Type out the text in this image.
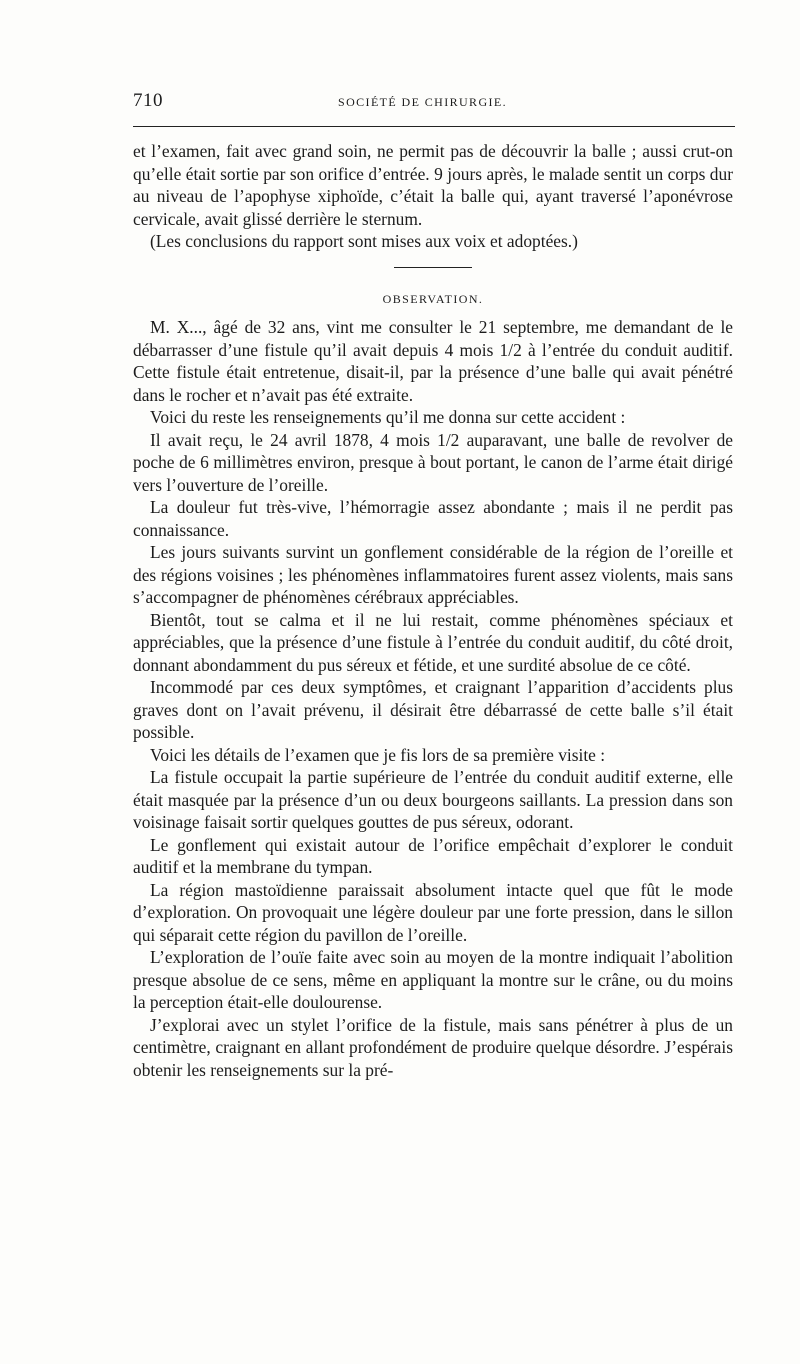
710	SOCIÉTÉ DE CHIRURGIE.

et l’examen, fait avec grand soin, ne permit pas de découvrir la balle ; aussi crut-on qu’elle était sortie par son orifice d’entrée. 9 jours après, le malade sentit un corps dur au niveau de l’apophyse xiphoïde, c’était la balle qui, ayant traversé l’aponévrose cervicale, avait glissé derrière le sternum.

(Les conclusions du rapport sont mises aux voix et adoptées.)

OBSERVATION.

M. X..., âgé de 32 ans, vint me consulter le 21 septembre, me demandant de le débarrasser d’une fistule qu’il avait depuis 4 mois 1/2 à l’entrée du conduit auditif. Cette fistule était entretenue, disait-il, par la présence d’une balle qui avait pénétré dans le rocher et n’avait pas été extraite.

Voici du reste les renseignements qu’il me donna sur cette accident :

Il avait reçu, le 24 avril 1878, 4 mois 1/2 auparavant, une balle de revolver de poche de 6 millimètres environ, presque à bout portant, le canon de l’arme était dirigé vers l’ouverture de l’oreille.

La douleur fut très-vive, l’hémorragie assez abondante ; mais il ne perdit pas connaissance.

Les jours suivants survint un gonflement considérable de la région de l’oreille et des régions voisines ; les phénomènes inflammatoires furent assez violents, mais sans s’accompagner de phénomènes cérébraux appréciables.

Bientôt, tout se calma et il ne lui restait, comme phénomènes spéciaux et appréciables, que la présence d’une fistule à l’entrée du conduit auditif, du côté droit, donnant abondamment du pus séreux et fétide, et une surdité absolue de ce côté.

Incommodé par ces deux symptômes, et craignant l’apparition d’accidents plus graves dont on l’avait prévenu, il désirait être débarrassé de cette balle s’il était possible.

Voici les détails de l’examen que je fis lors de sa première visite :

La fistule occupait la partie supérieure de l’entrée du conduit auditif externe, elle était masquée par la présence d’un ou deux bourgeons saillants. La pression dans son voisinage faisait sortir quelques gouttes de pus séreux, odorant.

Le gonflement qui existait autour de l’orifice empêchait d’explorer le conduit auditif et la membrane du tympan.

La région mastoïdienne paraissait absolument intacte quel que fût le mode d’exploration. On provoquait une légère douleur par une forte pression, dans le sillon qui séparait cette région du pavillon de l’oreille.

L’exploration de l’ouïe faite avec soin au moyen de la montre indiquait l’abolition presque absolue de ce sens, même en appliquant la montre sur le crâne, ou du moins la perception était-elle doulourense.

J’explorai avec un stylet l’orifice de la fistule, mais sans pénétrer à plus de un centimètre, craignant en allant profondément de produire quelque désordre. J’espérais obtenir les renseignements sur la pré-
